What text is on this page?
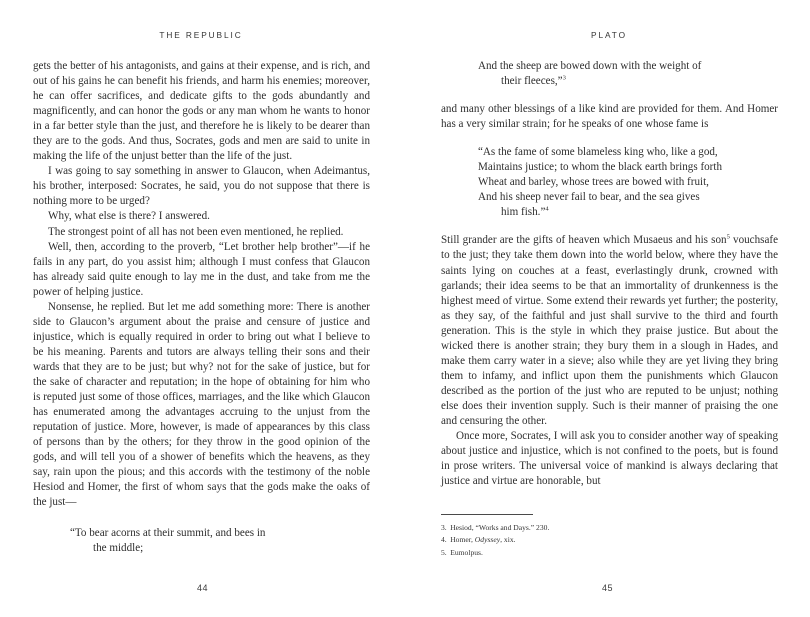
THE REPUBLIC

gets the better of his antagonists, and gains at their expense, and is rich, and out of his gains he can benefit his friends, and harm his enemies; moreover, he can offer sacrifices, and dedicate gifts to the gods abundantly and magnificently, and can honor the gods or any man whom he wants to honor in a far better style than the just, and therefore he is likely to be dearer than they are to the gods. And thus, Socrates, gods and men are said to unite in making the life of the unjust better than the life of the just.

I was going to say something in answer to Glaucon, when Adeimantus, his brother, interposed: Socrates, he said, you do not suppose that there is nothing more to be urged?

Why, what else is there? I answered.

The strongest point of all has not been even mentioned, he replied.

Well, then, according to the proverb, “Let brother help brother”—if he fails in any part, do you assist him; although I must confess that Glaucon has already said quite enough to lay me in the dust, and take from me the power of helping justice.

Nonsense, he replied. But let me add something more: There is another side to Glaucon’s argument about the praise and censure of justice and injustice, which is equally required in order to bring out what I believe to be his meaning. Parents and tutors are always telling their sons and their wards that they are to be just; but why? not for the sake of justice, but for the sake of character and reputation; in the hope of obtaining for him who is reputed just some of those offices, marriages, and the like which Glaucon has enumerated among the advantages accruing to the unjust from the reputation of justice. More, however, is made of appearances by this class of persons than by the others; for they throw in the good opinion of the gods, and will tell you of a shower of benefits which the heavens, as they say, rain upon the pious; and this accords with the testimony of the noble Hesiod and Homer, the first of whom says that the gods make the oaks of the just—

“To bear acorns at their summit, and bees in
the middle;
44
PLATO
And the sheep are bowed down with the weight of
their fleeces,”$^3$

and many other blessings of a like kind are provided for them. And Homer has a very similar strain; for he speaks of one whose fame is

“As the fame of some blameless king who, like a god,
Maintains justice; to whom the black earth brings forth
Wheat and barley, whose trees are bowed with fruit,
And his sheep never fail to bear, and the sea gives
him fish.”$^4$

Still grander are the gifts of heaven which Musaeus and his son$^5$ vouchsafe to the just; they take them down into the world below, where they have the saints lying on couches at a feast, everlastingly drunk, crowned with garlands; their idea seems to be that an immortality of drunkenness is the highest meed of virtue. Some extend their rewards yet further; the posterity, as they say, of the faithful and just shall survive to the third and fourth generation. This is the style in which they praise justice. But about the wicked there is another strain; they bury them in a slough in Hades, and make them carry water in a sieve; also while they are yet living they bring them to infamy, and inflict upon them the punishments which Glaucon described as the portion of the just who are reputed to be unjust; nothing else does their invention supply. Such is their manner of praising the one and censuring the other.

Once more, Socrates, I will ask you to consider another way of speaking about justice and injustice, which is not confined to the poets, but is found in prose writers. The universal voice of mankind is always declaring that justice and virtue are honorable, but

3. Hesiod, “Works and Days.” 230.

4. Homer, Odyssey, xix.

5. Eumolpus.

45
